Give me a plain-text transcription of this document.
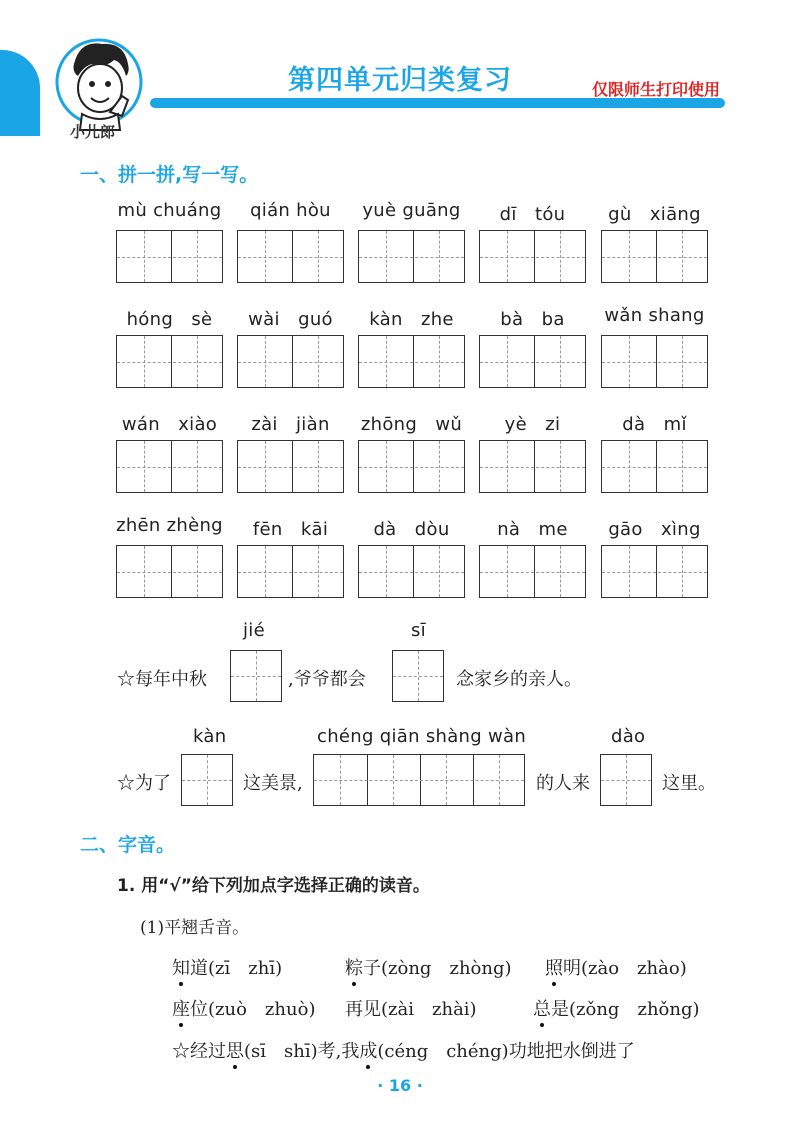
小儿郎
第四单元归类复习	仅限师生打印使用
一、拼一拼,写一写。
mù chuáng	qián hòu	yuè guāng	dī　tóu	gù　xiāng
hóng　sè	wài　guó	kàn　zhe	bà　ba	wǎn shang
wán　xiào	zài　jiàn	zhōng　wǔ	yè　zi	dà　mǐ
zhēn zhèng	fēn　kāi	dà　dòu	nà　me	gāo　xìng
jié	sī
☆每年中秋	,爷爷都会	念家乡的亲人。
kàn	chéng qiān shàng wàn	dào
☆为了	这美景,	的人来	这里。
二、字音。
1. 用“√”给下列加点字选择正确的读音。
(1)平翘舌音。
知道(zī　zhī)	粽子(zòng　zhòng) 照明(zào　zhào)
座位(zuò　zhuò) 再见(zài　zhài)	总是(zǒng　zhǒng)
☆经过思(sī　shī)考,我成(céng　chéng)功地把水倒进了
· 16 ·
